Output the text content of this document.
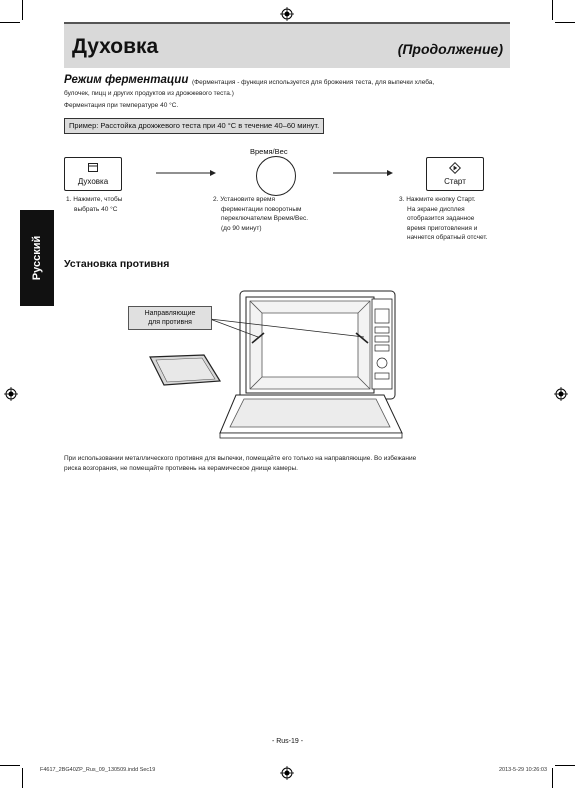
Духовка	(Продолжение)
Режим ферментации (Ферментация - функция используется для брожения теста, для выпечки хлеба,
булочек, пицц и других продуктов из дрожжевого теста.)
Ферментация при температуре 40 °C.
Пример: Расстойка дрожжевого теста при 40 °C в течение 40–60 минут.
Духовка
Время/Вес
Старт
1. Нажмите, чтобы
выбрать 40 °C
2. Установите время
ферментации поворотным
переключателем Время/Вес.
(до 90 минут)
3. Нажмите кнопку Старт.
На экране дисплея
отобразится заданное
время приготовления и
начнется обратный отсчет.
Русский Установка противня
Направляющие
для противня
При использовании металлического противня для выпечки, помещайте его только на направляющие. Во избежание
риска возгорания, не помещайте противень на керамическое днище камеры.
- Rus-19 -
F4617_2BG40ZP_Rus_09_130509.indd Sec19	2013-5-29 10:26:03
